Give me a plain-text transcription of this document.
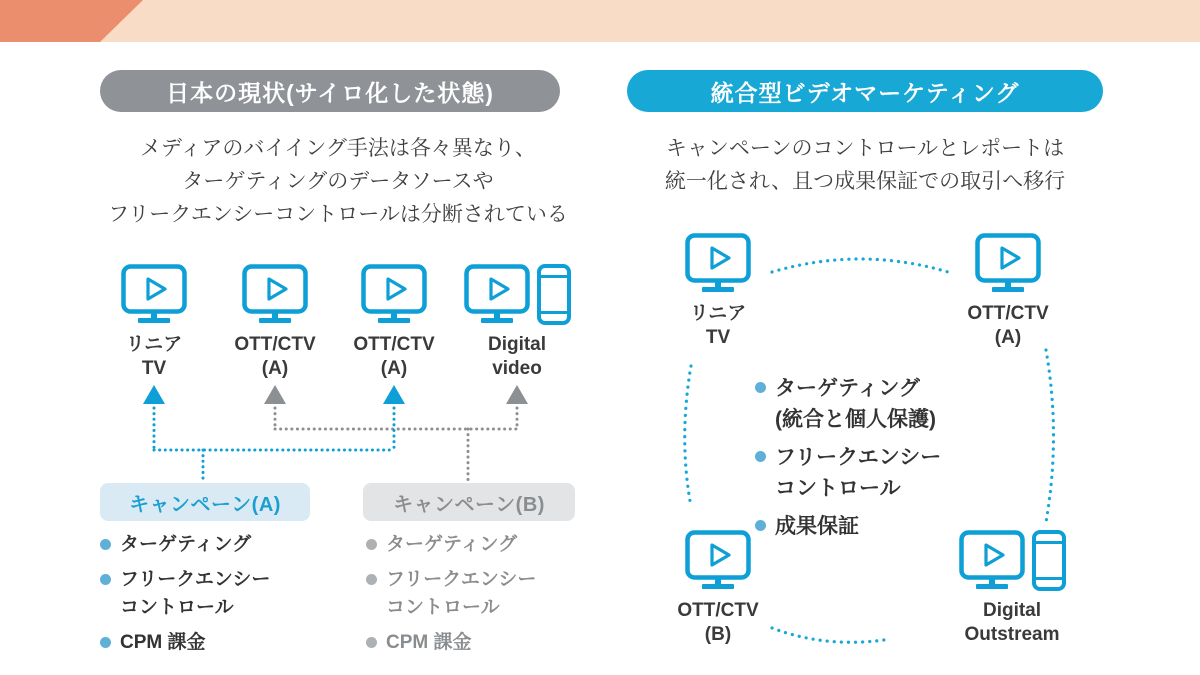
日本の現状(サイロ化した状態)
メディアのバイイング手法は各々異なり、
ターゲティングのデータソースや
フリークエンシーコントロールは分断されている
リニア
TV
OTT/CTV
(A)
OTT/CTV
(A)
Digital
video
キャンペーン(A)	キャンペーン(B)
ターゲティング
フリークエンシー
コントロール
CPM 課金
ターゲティング
フリークエンシー
コントロール
CPM 課金
統合型ビデオマーケティング
キャンペーンのコントロールとレポートは
統一化され、且つ成果保証での取引へ移行
リニア
TV
OTT/CTV
(A)
OTT/CTV
(B)
Digital
Outstream
ターゲティング
(統合と個人保護)
フリークエンシー
コントロール
成果保証
